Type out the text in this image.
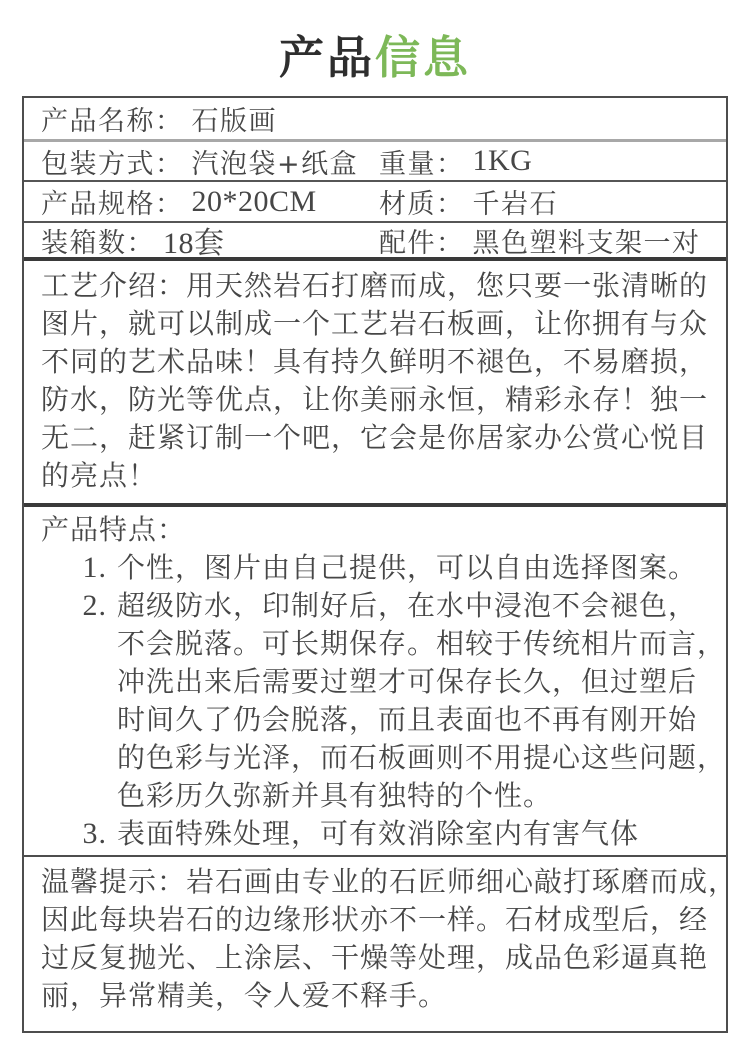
产品 信息
产品名称： 石版画
包装方式： 汽泡袋+纸盒 重量： 1KG
产品规格： 20*20CM 材质： 千岩石
装箱数： 18套	配件： 黑色塑料支架一对
工艺介绍：用天然岩石打磨而成，您只要一张清晰的
图片，就可以制成一个工艺岩石板画，让你拥有与众
不同的艺术品味！具有持久鲜明不褪色，不易磨损，
防水，防光等优点，让你美丽永恒，精彩永存！独一
无二，赶紧订制一个吧，它会是你居家办公赏心悦目
的亮点！
产品特点：
1. 个性，图片由自己提供，可以自由选择图案。
2. 超级防水，印制好后，在水中浸泡不会褪色，
不会脱落。可长期保存。相较于传统相片而言，
冲洗出来后需要过塑才可保存长久，但过塑后
时间久了仍会脱落，而且表面也不再有刚开始
的色彩与光泽，而石板画则不用提心这些问题，
色彩历久弥新并具有独特的个性。
3. 表面特殊处理，可有效消除室内有害气体
温馨提示：岩石画由专业的石匠师细心敲打琢磨而成，
因此每块岩石的边缘形状亦不一样。石材成型后，经
过反复抛光、上涂层、干燥等处理，成品色彩逼真艳
丽，异常精美，令人爱不释手。
